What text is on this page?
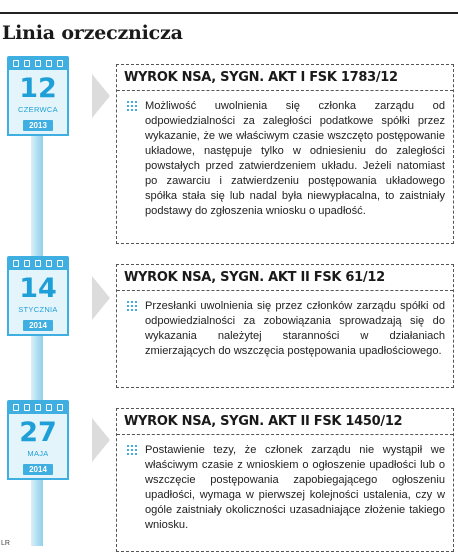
Linia orzecznicza
12
CZERWCA
2013
WYROK NSA, SYGN. AKT I FSK 1783/12

Możliwość uwolnienia się członka zarządu od odpowiedzialności za zaległości podatkowe spółki przez wykazanie, że we właściwym czasie wszczęto postępowanie układowe, następuje tylko w odniesieniu do zaległości powstałych przed zatwierdzeniem układu. Jeżeli natomiast po zawarciu i zatwierdzeniu postępowania układowego spółka stała się lub nadal była niewypłacalna, to zaistniały podstawy do zgłoszenia wniosku o upadłość.

14
STYCZNIA
2014
WYROK NSA, SYGN. AKT II FSK 61/12

Przesłanki uwolnienia się przez członków zarządu spółki od odpowiedzialności za zobowiązania sprowadzają się do wykazania należytej staranności w działaniach zmierzających do wszczęcia postępowania upadłościowego.

27
MAJA
2014
WYROK NSA, SYGN. AKT II FSK 1450/12

Postawienie tezy, że członek zarządu nie wystąpił we właściwym czasie z wnioskiem o ogłoszenie upadłości lub o wszczęcie postępowania zapobiegającego ogłoszeniu upadłości, wymaga w pierwszej kolejności ustalenia, czy w ogóle zaistniały okoliczności uzasadniające złożenie takiego wniosku.

LR
